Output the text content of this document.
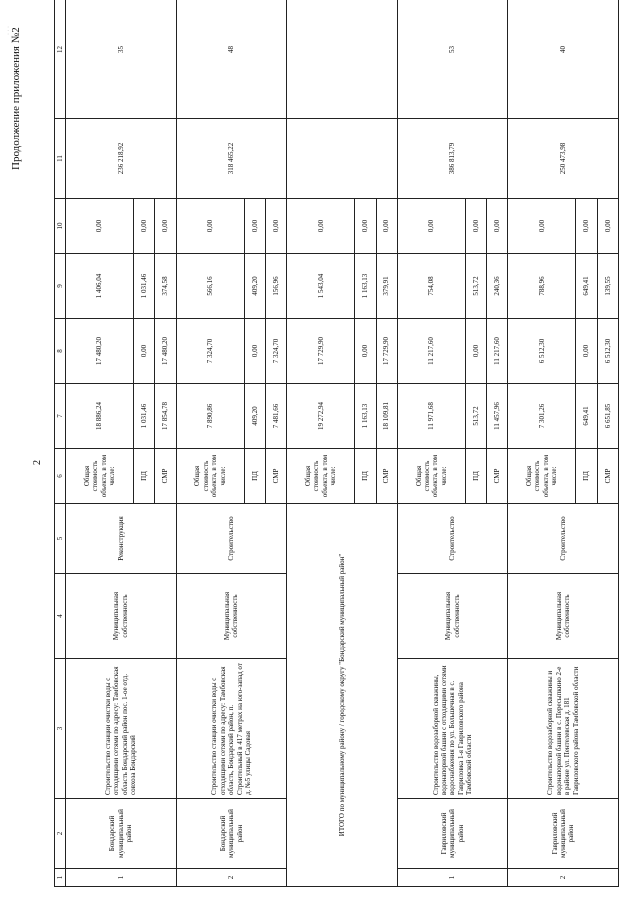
· · ·
2
Продолжение приложения №2
1	2	3	4	5	6	7	8	9	10	11	12
1	Бондарский муниципальный район	Строительство станции очистки воды с отходящими сетями по адресу: Тамбовская область Бондарский район пос. 1-ое отд. совхоза Бондарский	Муниципальная собственность	Реконструкция	Общая стоимость объекта, в том числе:	18 886,24	17 480,20	1 406,04	0,00	236 218,92	35
					ПД	1 031,46	0,00	1 031,46	0,00		
					СМР	17 854,78	17 480,20	374,58	0,00		
2	Бондарский муниципальный район	Строительство станции очистки воды с отходящими сетями по адресу: Тамбовская область, Бондарский район, п. Строительный в 417 метрах на юго-запад от д. №5 улицы Садовая	Муниципальная собственность	Строительство	Общая стоимость объекта, в том числе:	7 890,86	7 324,70	566,16	0,00	318 465,22	48
					ПД	409,20	0,00	409,20	0,00		
					СМР	7 481,66	7 324,70	156,96	0,00		
ИТОГО по муниципальному району / городскому округу "Бондарский муниципальный район"					Общая стоимость объекта, в том числе:	19 272,94	17 729,90	1 543,04	0,00		
					ПД	1 163,13	0,00	1 163,13	0,00		
					СМР	18 109,81	17 729,90	379,91	0,00		
1	Гавриловский муниципальный район	Строительство водозаборной скважины, водонапорной башни с отходящими сетями водоснабжения по ул. Большечная в с. Гавриловка 1-я Гавриловского района Тамбовской области	Муниципальная собственность	Строительство	Общая стоимость объекта, в том числе:	11 971,68	11 217,60	754,08	0,00	386 813,79	53
					ПД	513,72	0,00	513,72	0,00		
					СМР	11 457,96	11 217,60	240,36	0,00		
2	Гавриловский муниципальный район	Строительство водозаборной скважины и водонапорной башни в с. Пересыпкино 2-е в районе ул. Пентелевская д. 181 Гавриловского района Тамбовской области	Муниципальная собственность	Строительство	Общая стоимость объекта, в том числе:	7 301,26	6 512,30	788,96	0,00	250 473,98	40
					ПД	649,41	0,00	649,41	0,00		
					СМР	6 651,85	6 512,30	139,55	0,00		
